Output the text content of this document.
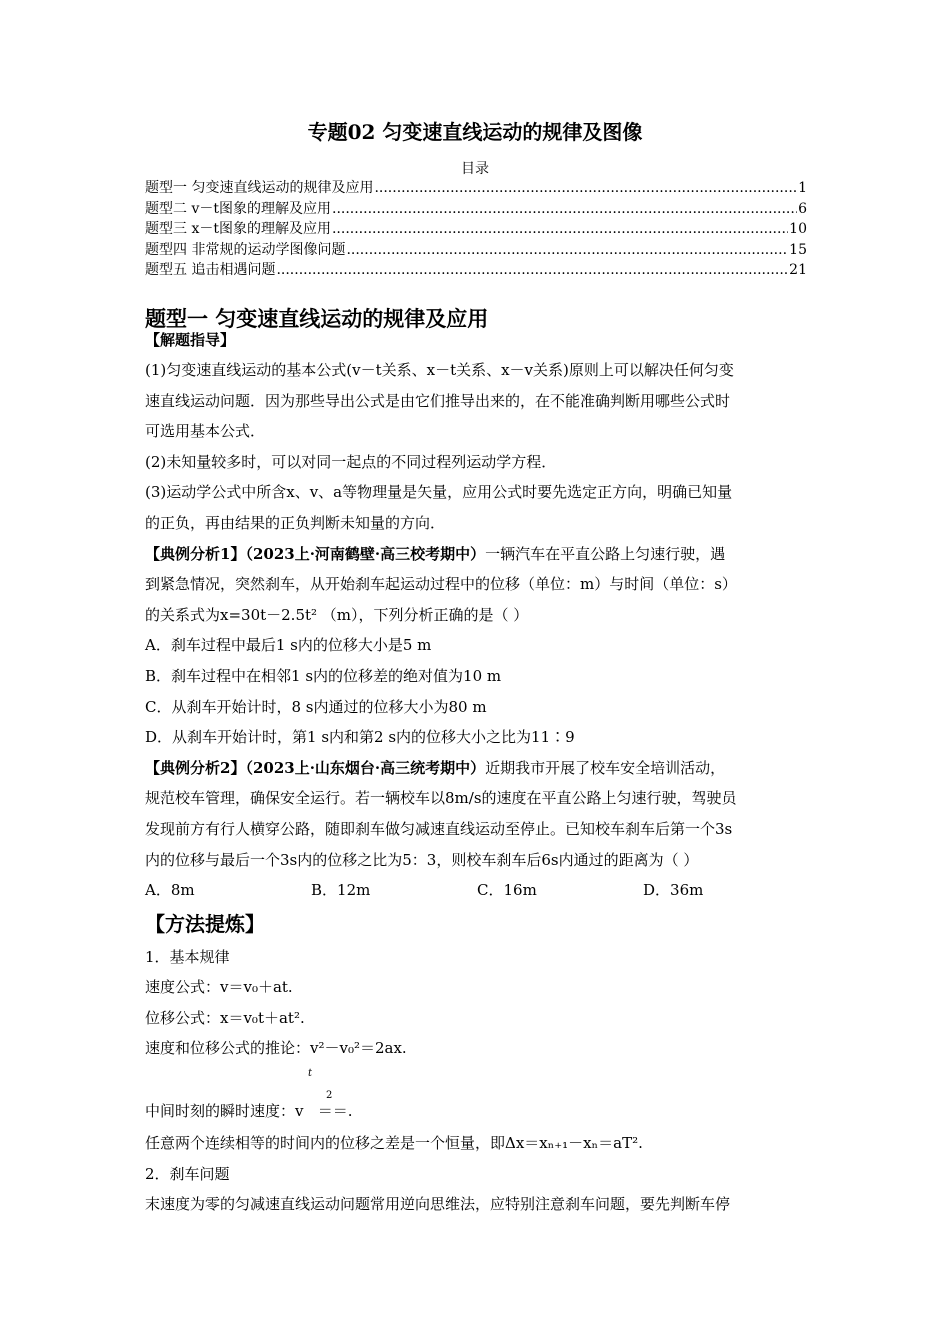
专题02 匀变速直线运动的规律及图像
目录
题型一 匀变速直线运动的规律及应用 .....	1
题型二 v－t图象的理解及应用 .....	6
题型三 x－t图象的理解及应用 .....	10
题型四 非常规的运动学图像问题 .....	15
题型五 追击相遇问题 .....	21
题型一 匀变速直线运动的规律及应用
【解题指导】
(1)匀变速直线运动的基本公式(v－t关系、x－t关系、x－v关系)原则上可以解决任何匀变
速直线运动问题．因为那些导出公式是由它们推导出来的，在不能准确判断用哪些公式时
可选用基本公式．
(2)未知量较多时，可以对同一起点的不同过程列运动学方程．
(3)运动学公式中所含x、v、a等物理量是矢量，应用公式时要先选定正方向，明确已知量
的正负，再由结果的正负判断未知量的方向．
【典例分析1】（2023上·河南鹤壁·高三校考期中）一辆汽车在平直公路上匀速行驶，遇
到紧急情况，突然刹车，从开始刹车起运动过程中的位移（单位：m）与时间（单位：s）
的关系式为x=30t－2.5t² （m），下列分析正确的是（ ）
A．刹车过程中最后1 s内的位移大小是5 m
B．刹车过程中在相邻1 s内的位移差的绝对值为10 m
C．从刹车开始计时，8 s内通过的位移大小为80 m
D．从刹车开始计时，第1 s内和第2 s内的位移大小之比为11∶9
【典例分析2】（2023上·山东烟台·高三统考期中）近期我市开展了校车安全培训活动，
规范校车管理，确保安全运行。若一辆校车以8m/s的速度在平直公路上匀速行驶，驾驶员
发现前方有行人横穿公路，随即刹车做匀减速直线运动至停止。已知校车刹车后第一个3s
内的位移与最后一个3s内的位移之比为5：3，则校车刹车后6s内通过的距离为（ ）
A．8m	B．12m	C．16m	D．36m
【方法提炼】
1．基本规律
速度公式：v＝v₀＋at.
位移公式：x＝v₀t＋at².
速度和位移公式的推论：v²－v₀²＝2ax.
t
2
中间时刻的瞬时速度：v ＝＝.
任意两个连续相等的时间内的位移之差是一个恒量，即Δx＝xₙ₊₁－xₙ＝aT².
2．刹车问题
末速度为零的匀减速直线运动问题常用逆向思维法，应特别注意刹车问题，要先判断车停
